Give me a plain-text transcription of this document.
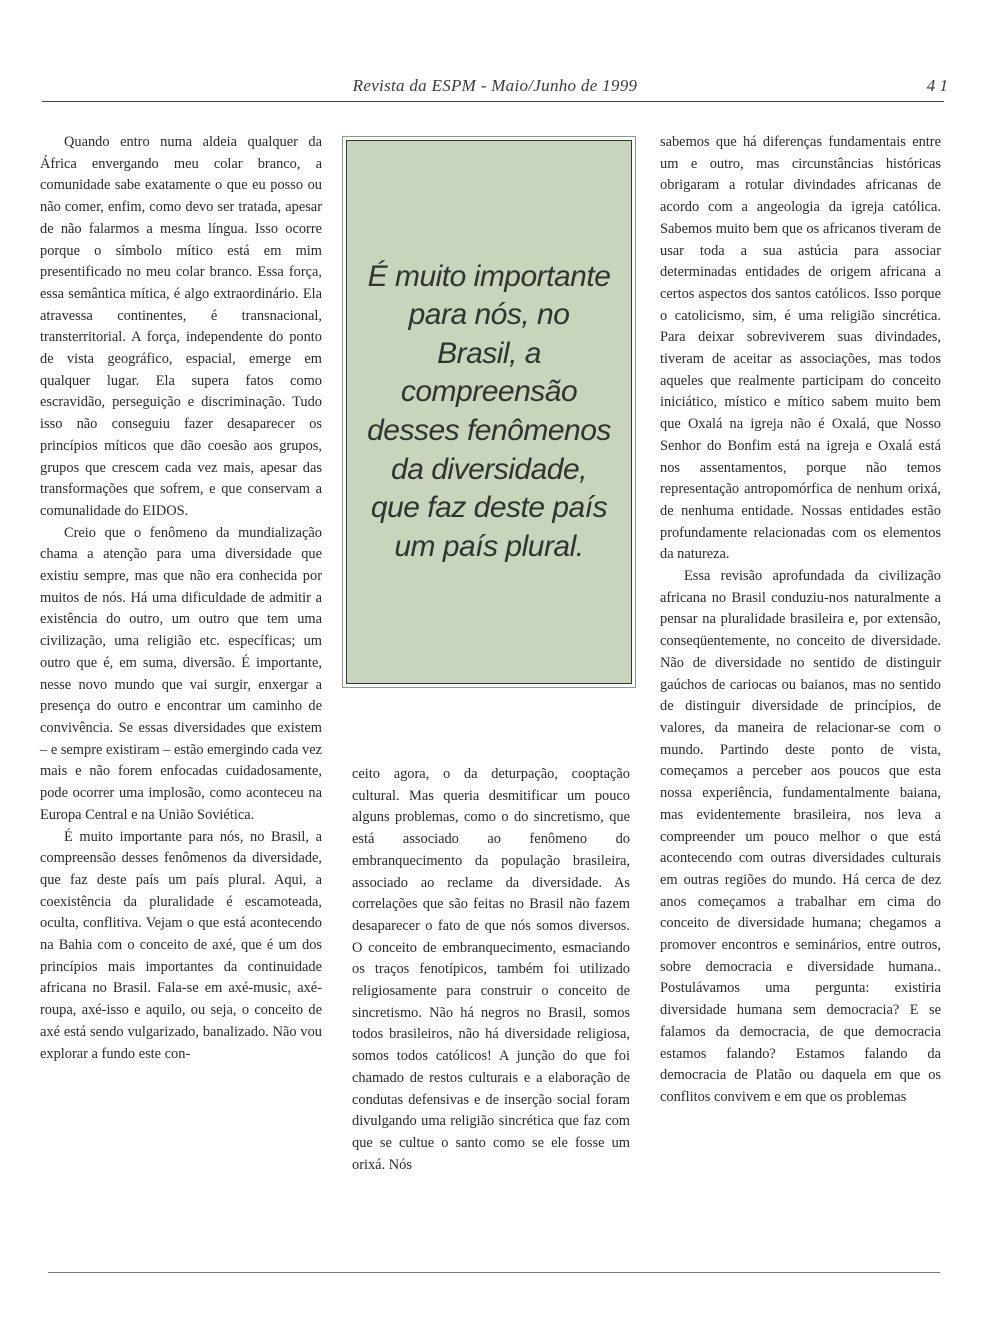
Revista da ESPM - Maio/Junho de 1999	4 1

Quando entro numa aldeia qualquer da África envergando meu colar branco, a comunidade sabe exatamente o que eu posso ou não comer, enfim, como devo ser tratada, apesar de não falarmos a mesma língua. Isso ocorre porque o símbolo mítico está em mim presentificado no meu colar branco. Essa força, essa semântica mítica, é algo extraordinário. Ela atravessa continentes, é transnacional, transterritorial. A força, independente do ponto de vista geográfico, espacial, emerge em qualquer lugar. Ela supera fatos como escravidão, perseguição e discriminação. Tudo isso não conseguiu fazer desaparecer os princípios míticos que dão coesão aos grupos, grupos que crescem cada vez mais, apesar das transformações que sofrem, e que conservam a comunalidade do EIDOS.

Creio que o fenômeno da mundialização chama a atenção para uma diversidade que existiu sempre, mas que não era conhecida por muitos de nós. Há uma dificuldade de admitir a existência do outro, um outro que tem uma civilização, uma religião etc. específicas; um outro que é, em suma, diversão. É importante, nesse novo mundo que vai surgir, enxergar a presença do outro e encontrar um caminho de convivência. Se essas diversidades que existem – e sempre existiram – estão emergindo cada vez mais e não forem enfocadas cuidadosamente, pode ocorrer uma implosão, como aconteceu na Europa Central e na União Soviética.

É muito importante para nós, no Brasil, a compreensão desses fenômenos da diversidade, que faz deste país um país plural. Aqui, a coexistência da pluralidade é escamoteada, oculta, conflitiva. Vejam o que está acontecendo na Bahia com o conceito de axé, que é um dos princípios mais importantes da continuidade africana no Brasil. Fala-se em axé-music, axé-roupa, axé-isso e aquilo, ou seja, o conceito de axé está sendo vulgarizado, banalizado. Não vou explorar a fundo este con-

É muito importante para nós, no Brasil, a compreensão desses fenômenos da diversidade, que faz deste país um país plural.

ceito agora, o da deturpação, cooptação cultural. Mas queria desmitificar um pouco alguns problemas, como o do sincretismo, que está associado ao fenômeno do embranquecimento da população brasileira, associado ao reclame da diversidade. As correlações que são feitas no Brasil não fazem desaparecer o fato de que nós somos diversos. O conceito de embranquecimento, esmaciando os traços fenotípicos, também foi utilizado religiosamente para construir o conceito de sincretismo. Não há negros no Brasil, somos todos brasileiros, não há diversidade religiosa, somos todos católicos! A junção do que foi chamado de restos culturais e a elaboração de condutas defensivas e de inserção social foram divulgando uma religião sincrética que faz com que se cultue o santo como se ele fosse um orixá. Nós

sabemos que há diferenças fundamentais entre um e outro, mas circunstâncias históricas obrigaram a rotular divindades africanas de acordo com a angeologia da igreja católica. Sabemos muito bem que os africanos tiveram de usar toda a sua astúcia para associar determinadas entidades de origem africana a certos aspectos dos santos católicos. Isso porque o catolicismo, sim, é uma religião sincrética. Para deixar sobreviverem suas divindades, tiveram de aceitar as associações, mas todos aqueles que realmente participam do conceito iniciático, místico e mítico sabem muito bem que Oxalá na igreja não é Oxalá, que Nosso Senhor do Bonfim está na igreja e Oxalá está nos assentamentos, porque não temos representação antropomórfica de nenhum orixá, de nenhuma entidade. Nossas entidades estão profundamente relacionadas com os elementos da natureza.

Essa revisão aprofundada da civilização africana no Brasil conduziu-nos naturalmente a pensar na pluralidade brasileira e, por extensão, conseqüentemente, no conceito de diversidade. Não de diversidade no sentido de distinguir gaúchos de cariocas ou baianos, mas no sentido de distinguir diversidade de princípios, de valores, da maneira de relacionar-se com o mundo. Partindo deste ponto de vista, começamos a perceber aos poucos que esta nossa experiência, fundamentalmente baiana, mas evidentemente brasileira, nos leva a compreender um pouco melhor o que está acontecendo com outras diversidades culturais em outras regiões do mundo. Há cerca de dez anos começamos a trabalhar em cima do conceito de diversidade humana; chegamos a promover encontros e seminários, entre outros, sobre democracia e diversidade humana.. Postulávamos uma pergunta: existiria diversidade humana sem democracia? E se falamos da democracia, de que democracia estamos falando? Estamos falando da democracia de Platão ou daquela em que os conflitos convivem e em que os problemas
